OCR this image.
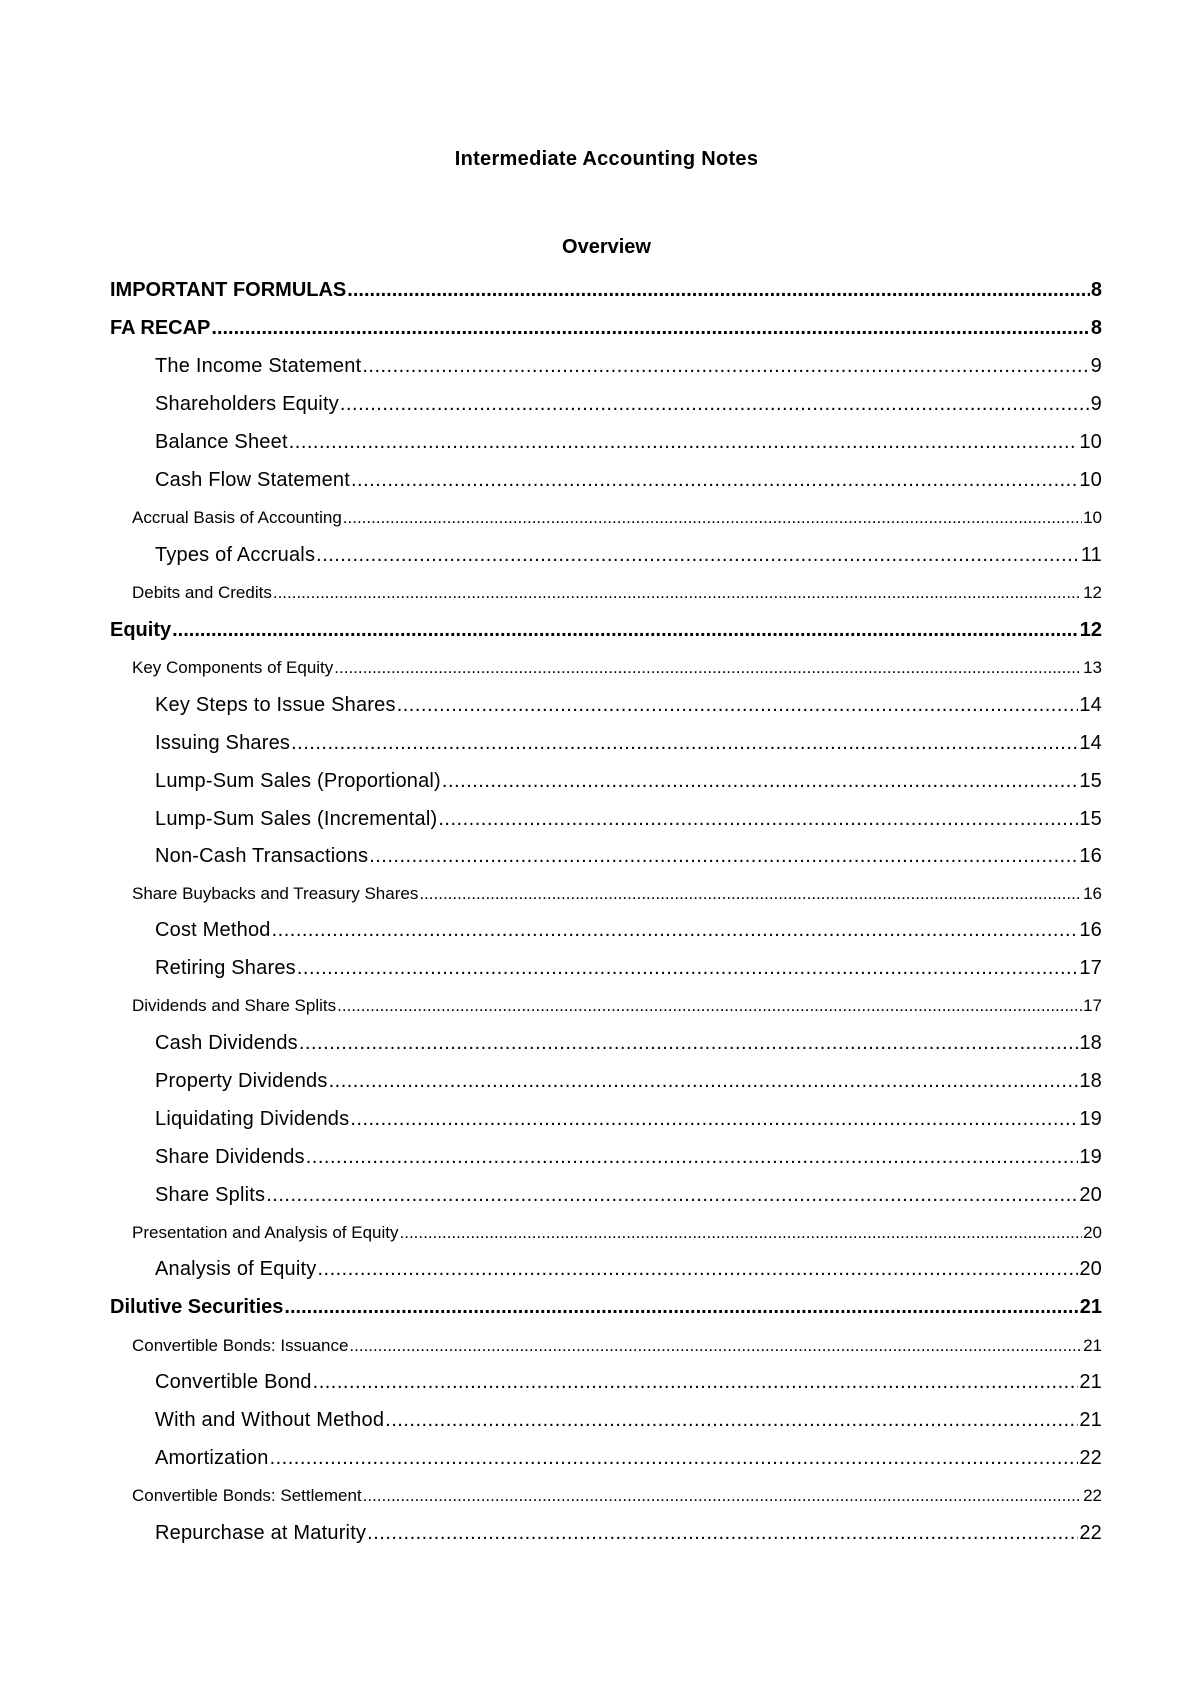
Intermediate Accounting Notes
Overview
IMPORTANT FORMULAS .....	8
FA RECAP .....	8
The Income Statement .....	9
Shareholders Equity .....	9
Balance Sheet .....	10
Cash Flow Statement .....	10
Accrual Basis of Accounting .....	10
Types of Accruals .....	11
Debits and Credits .....	12
Equity .....	12
Key Components of Equity .....	13
Key Steps to Issue Shares .....	14
Issuing Shares .....	14
Lump-Sum Sales (Proportional) .....	15
Lump-Sum Sales (Incremental) .....	15
Non-Cash Transactions .....	16
Share Buybacks and Treasury Shares .....	16
Cost Method .....	16
Retiring Shares .....	17
Dividends and Share Splits .....	17
Cash Dividends .....	18
Property Dividends .....	18
Liquidating Dividends .....	19
Share Dividends .....	19
Share Splits .....	20
Presentation and Analysis of Equity .....	20
Analysis of Equity .....	20
Dilutive Securities .....	21
Convertible Bonds: Issuance .....	21
Convertible Bond .....	21
With and Without Method .....	21
Amortization .....	22
Convertible Bonds: Settlement .....	22
Repurchase at Maturity .....	22
